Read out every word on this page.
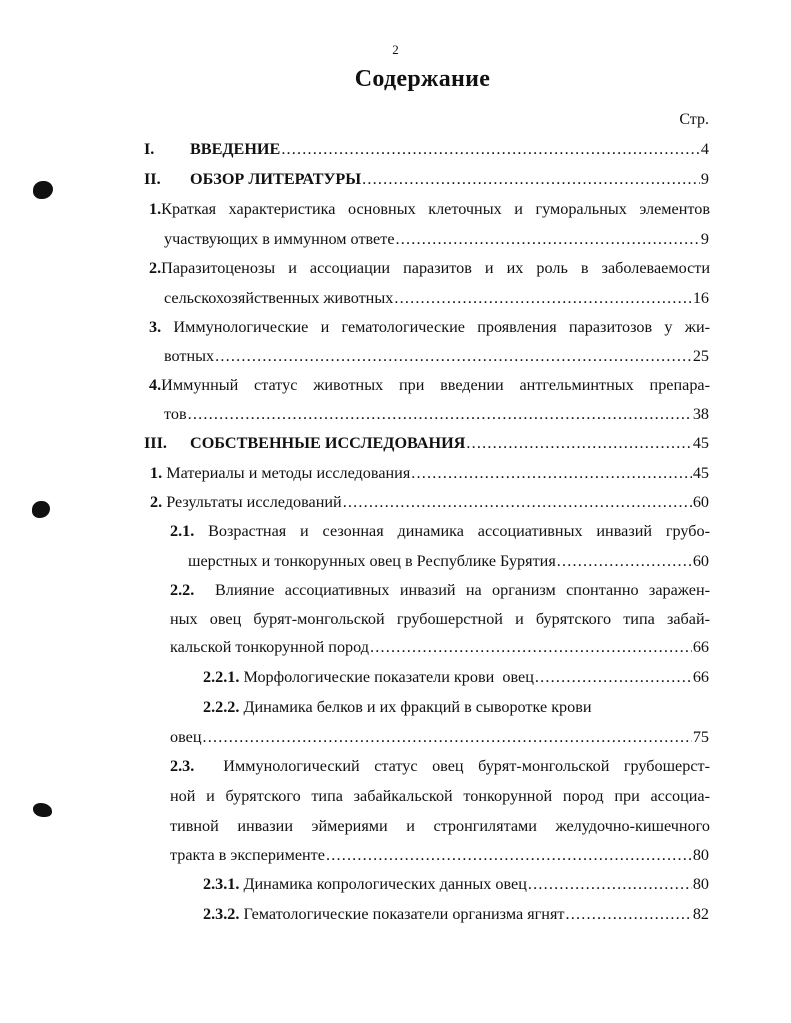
2
Содержание
Стр.
I.	ВВЕДЕНИЕ .....	4
II.	ОБЗОР ЛИТЕРАТУРЫ .....	9
1.Краткая характеристика основных клеточных и гуморальных элементов
участвующих в иммунном ответе .....	9
2.Паразитоценозы и ассоциации паразитов и их роль в заболеваемости
сельскохозяйственных животных .....	16
3. Иммунологические и гематологические проявления паразитозов у жи-
вотных .....	25
4.Иммунный статус животных при введении антгельминтных препара-
тов .....	38
III.	СОБСТВЕННЫЕ ИССЛЕДОВАНИЯ .....	45
1. Материалы и методы исследования .....	45
2. Результаты исследований .....	60
2.1. Возрастная и сезонная динамика ассоциативных инвазий грубо-
шерстных и тонкорунных овец в Республике Бурятия .....	60
2.2.  Влияние ассоциативных инвазий на организм спонтанно заражен-
ных овец бурят-монгольской грубошерстной и бурятского типа забай-
кальской тонкорунной пород .....	66
2.2.1. Морфологические показатели крови  овец .....	66
2.2.2. Динамика белков и их фракций в сыворотке крови
овец .....	75
2.3.  Иммунологический статус овец бурят-монгольской грубошерст-
ной и бурятского типа забайкальской тонкорунной пород при ассоциа-
тивной инвазии эймериями и стронгилятами желудочно-кишечного
тракта в эксперименте .....	80
2.3.1. Динамика копрологических данных овец .....	80
2.3.2. Гематологические показатели организма ягнят .....	82
